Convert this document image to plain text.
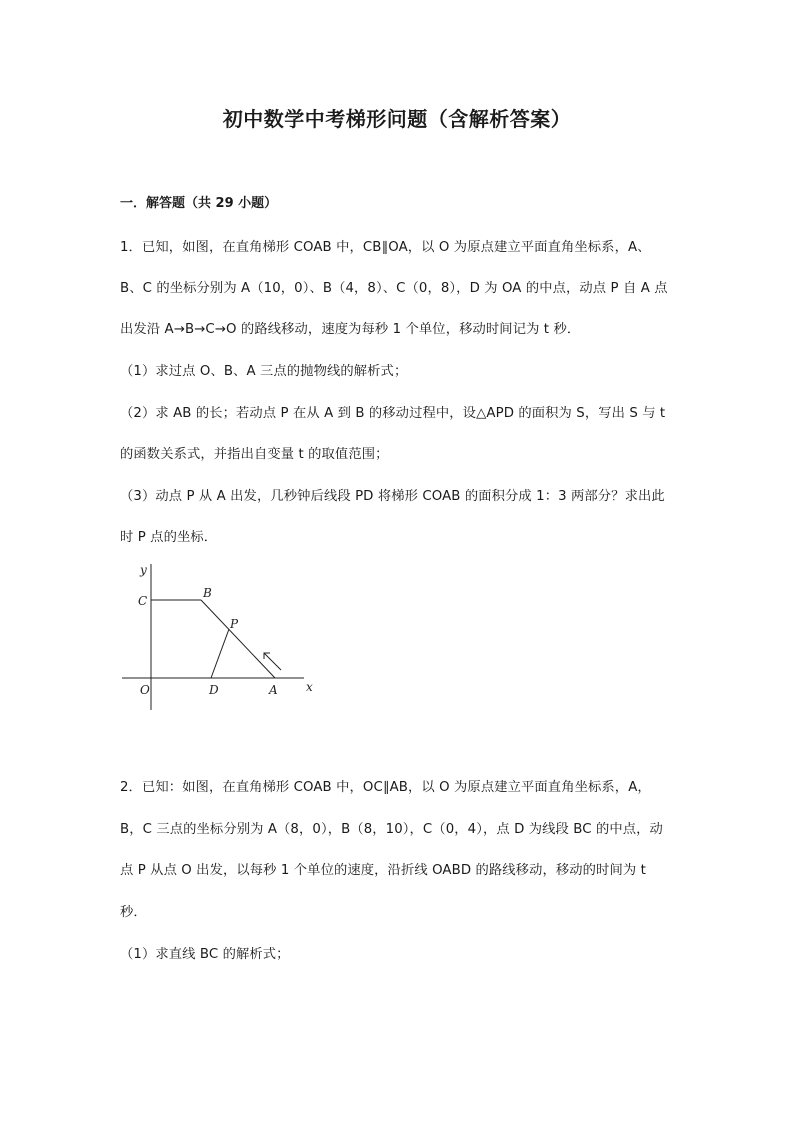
初中数学中考梯形问题（含解析答案）
一．解答题（共 29 小题）
1．已知，如图，在直角梯形 COAB 中，CB∥OA，以 O 为原点建立平面直角坐标系，A、
B、C 的坐标分别为 A（10，0）、B（4，8）、C（0，8），D 为 OA 的中点，动点 P 自 A 点
出发沿 A→B→C→O 的路线移动，速度为每秒 1 个单位，移动时间记为 t 秒．
（1）求过点 O、B、A 三点的抛物线的解析式；
（2）求 AB 的长；若动点 P 在从 A 到 B 的移动过程中，设△APD 的面积为 S，写出 S 与 t
的函数关系式，并指出自变量 t 的取值范围；
（3）动点 P 从 A 出发，几秒钟后线段 PD 将梯形 COAB 的面积分成 1：3 两部分？求出此
时 P 点的坐标．
y
x
C
B
P
O	D	A
2．已知：如图，在直角梯形 COAB 中，OC∥AB，以 O 为原点建立平面直角坐标系，A，
B，C 三点的坐标分别为 A（8，0），B（8，10），C（0，4），点 D 为线段 BC 的中点，动
点 P 从点 O 出发，以每秒 1 个单位的速度，沿折线 OABD 的路线移动，移动的时间为 t
秒．
（1）求直线 BC 的解析式；
